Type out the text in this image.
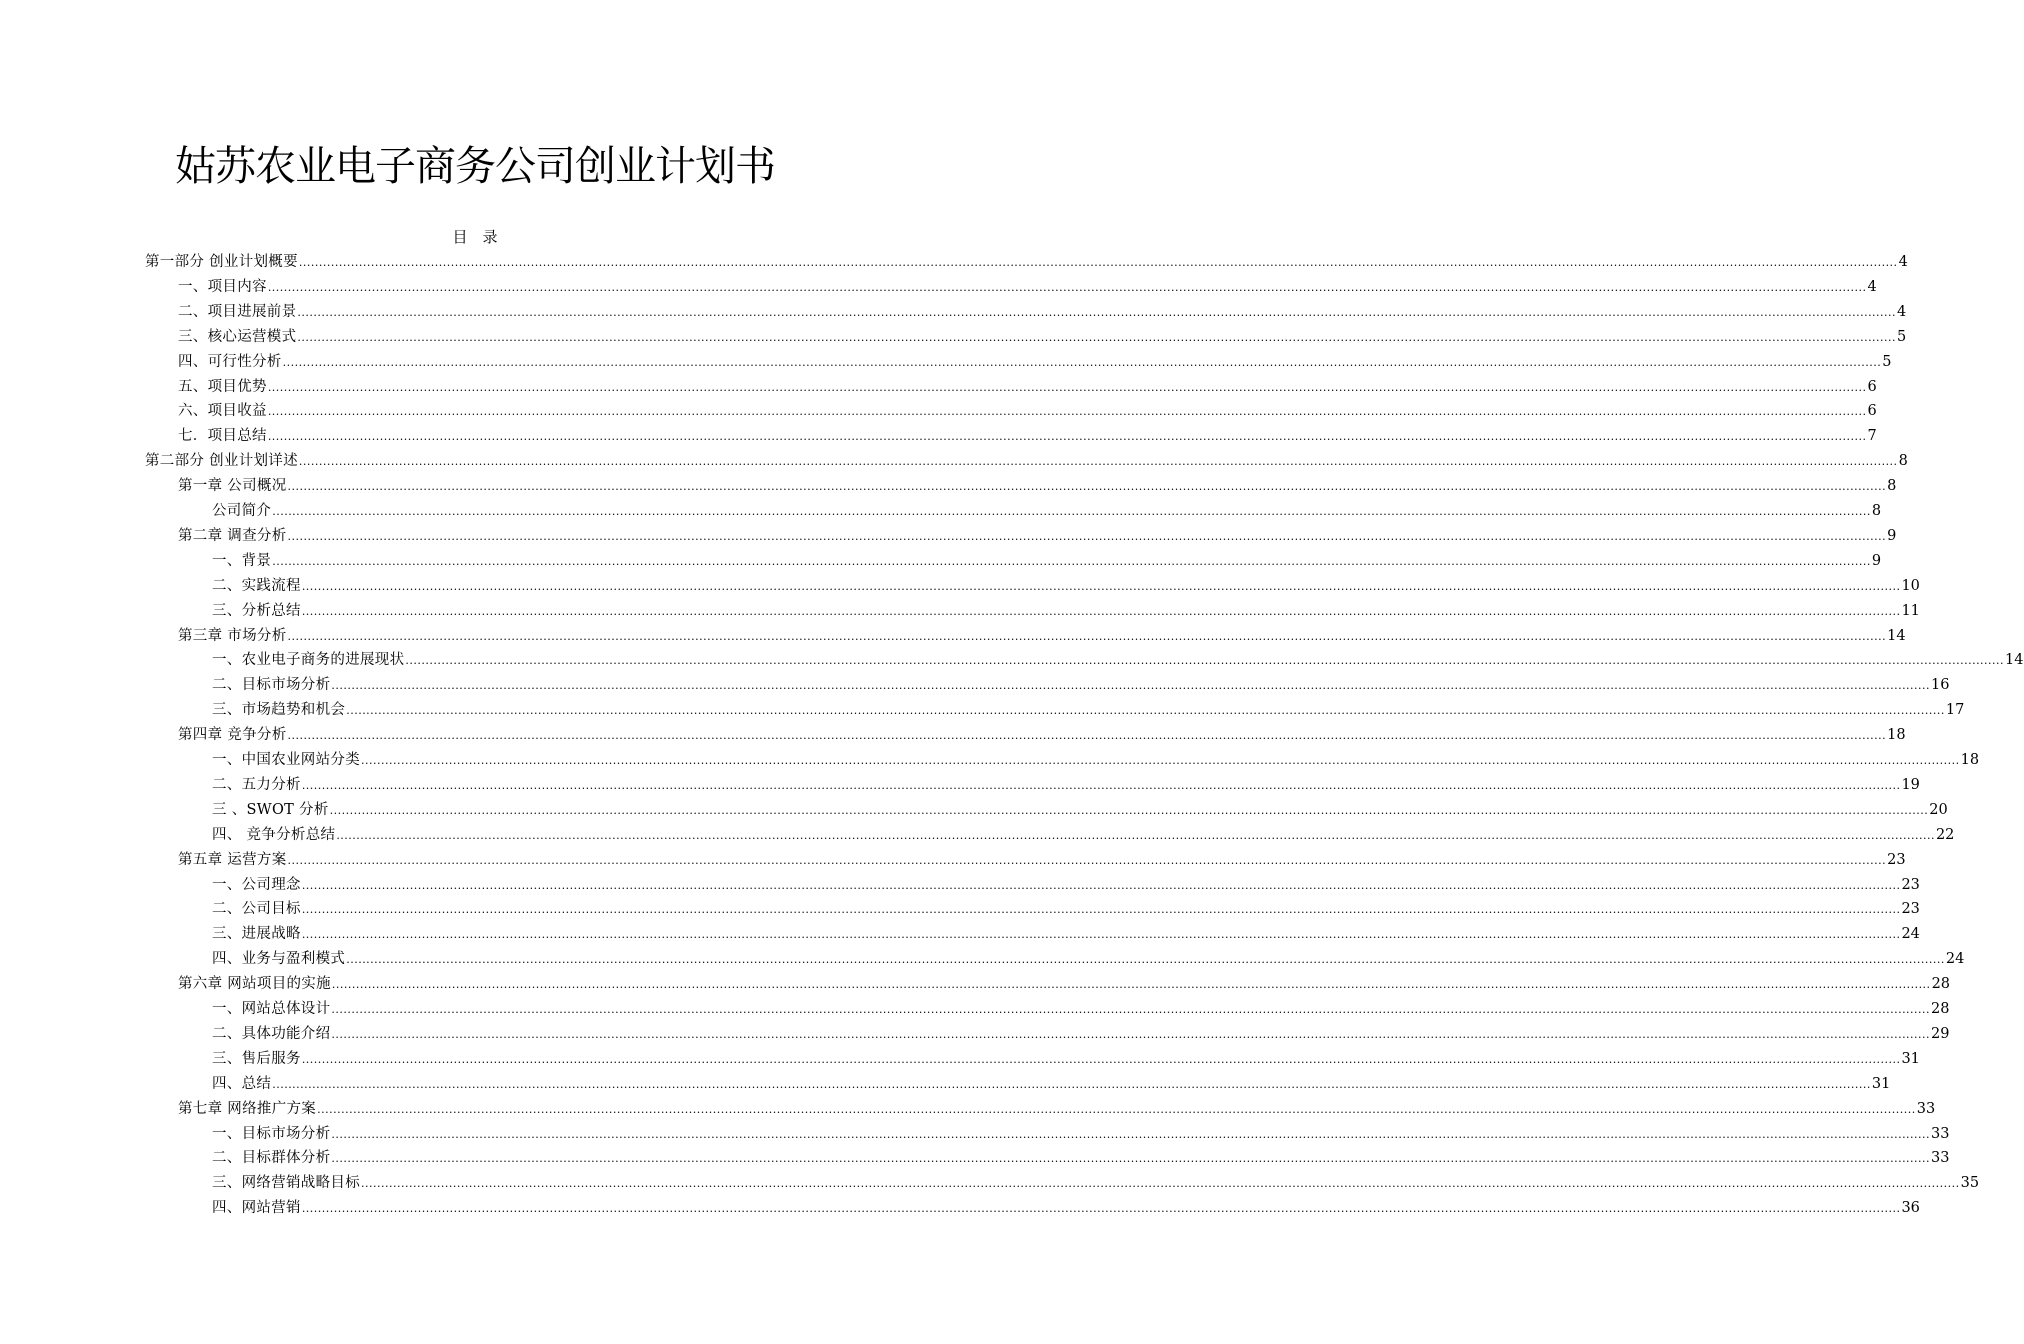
姑苏农业电子商务公司创业计划书
目　录
第一部分 创业计划概要 ................................................................................................................................................................................................................................................................................................................................................................................................................ 4
一、项目内容 ................................................................................................................................................................................................................................................................................................................................................................................................................ 4
二、项目进展前景 ................................................................................................................................................................................................................................................................................................................................................................................................................ 4
三、核心运营模式 ................................................................................................................................................................................................................................................................................................................................................................................................................ 5
四、可行性分析 ................................................................................................................................................................................................................................................................................................................................................................................................................ 5
五、项目优势 ................................................................................................................................................................................................................................................................................................................................................................................................................ 6
六、项目收益 ................................................................................................................................................................................................................................................................................................................................................................................................................ 6
七．项目总结 ................................................................................................................................................................................................................................................................................................................................................................................................................ 7
第二部分 创业计划详述 ................................................................................................................................................................................................................................................................................................................................................................................................................ 8
第一章 公司概况 ................................................................................................................................................................................................................................................................................................................................................................................................................ 8
公司简介 ................................................................................................................................................................................................................................................................................................................................................................................................................ 8
第二章 调查分析 ................................................................................................................................................................................................................................................................................................................................................................................................................ 9
一、背景 ................................................................................................................................................................................................................................................................................................................................................................................................................ 9
二、实践流程 ................................................................................................................................................................................................................................................................................................................................................................................................................ 10
三、分析总结 ................................................................................................................................................................................................................................................................................................................................................................................................................ 11
第三章 市场分析 ................................................................................................................................................................................................................................................................................................................................................................................................................ 14
一、农业电子商务的进展现状 ................................................................................................................................................................................................................................................................................................................................................................................................................ 14
二、目标市场分析 ................................................................................................................................................................................................................................................................................................................................................................................................................ 16
三、市场趋势和机会 ................................................................................................................................................................................................................................................................................................................................................................................................................ 17
第四章 竞争分析 ................................................................................................................................................................................................................................................................................................................................................................................................................ 18
一、中国农业网站分类 ................................................................................................................................................................................................................................................................................................................................................................................................................ 18
二、五力分析 ................................................................................................................................................................................................................................................................................................................................................................................................................ 19
三 、SWOT 分析 ................................................................................................................................................................................................................................................................................................................................................................................................................ 20
四、 竞争分析总结 ................................................................................................................................................................................................................................................................................................................................................................................................................ 22
第五章 运营方案 ................................................................................................................................................................................................................................................................................................................................................................................................................ 23
一、公司理念 ................................................................................................................................................................................................................................................................................................................................................................................................................ 23
二、公司目标 ................................................................................................................................................................................................................................................................................................................................................................................................................ 23
三、进展战略 ................................................................................................................................................................................................................................................................................................................................................................................................................ 24
四、业务与盈利模式 ................................................................................................................................................................................................................................................................................................................................................................................................................ 24
第六章 网站项目的实施 ................................................................................................................................................................................................................................................................................................................................................................................................................ 28
一、网站总体设计 ................................................................................................................................................................................................................................................................................................................................................................................................................ 28
二、具体功能介绍 ................................................................................................................................................................................................................................................................................................................................................................................................................ 29
三、售后服务 ................................................................................................................................................................................................................................................................................................................................................................................................................ 31
四、总结 ................................................................................................................................................................................................................................................................................................................................................................................................................ 31
第七章 网络推广方案 ................................................................................................................................................................................................................................................................................................................................................................................................................ 33
一、目标市场分析 ................................................................................................................................................................................................................................................................................................................................................................................................................ 33
二、目标群体分析 ................................................................................................................................................................................................................................................................................................................................................................................................................ 33
三、网络营销战略目标 ................................................................................................................................................................................................................................................................................................................................................................................................................ 35
四、网站营销 ................................................................................................................................................................................................................................................................................................................................................................................................................ 36
